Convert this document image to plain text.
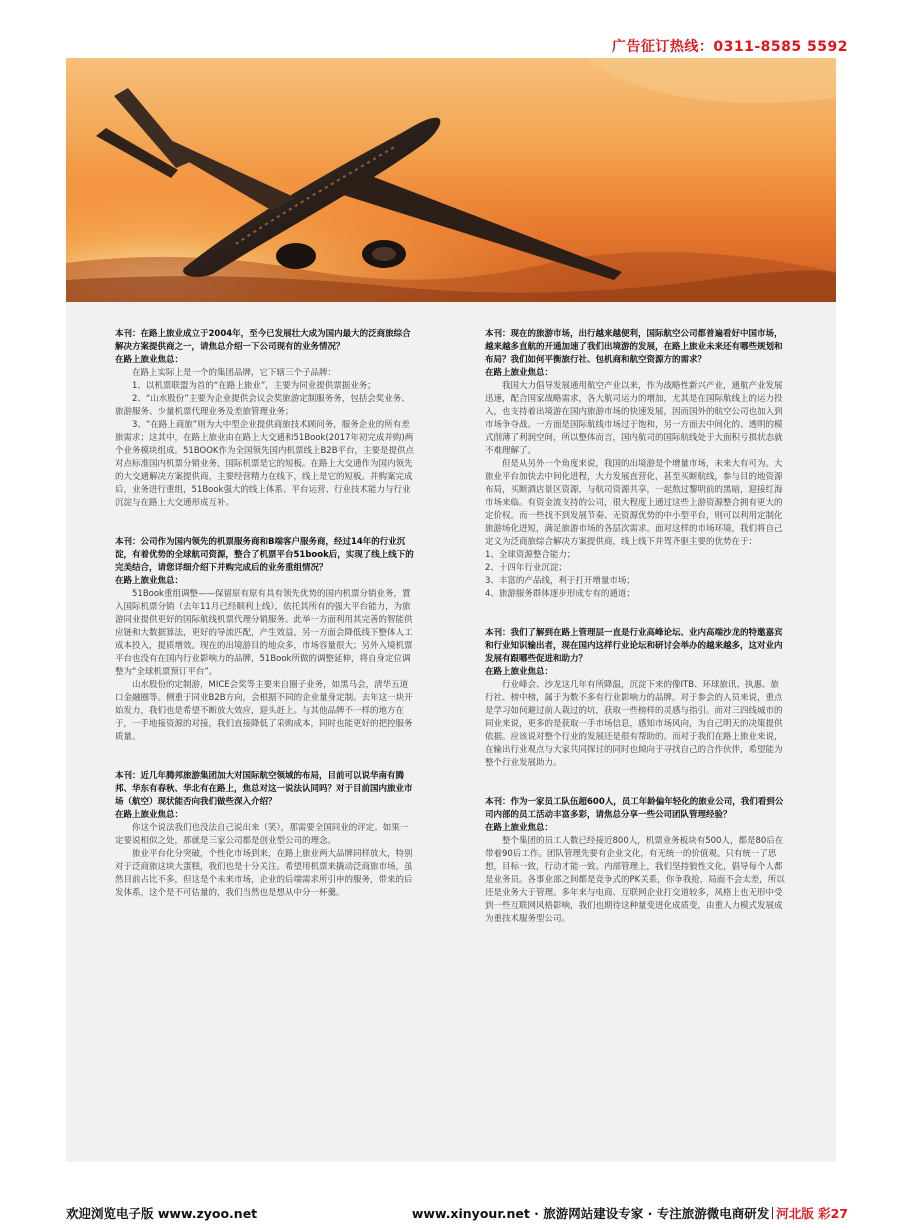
广告征订热线：0311-8585 5592

本刊：在路上旅业成立于2004年，至今已发展壮大成为国内最大的泛商旅综合解决方案提供商之一，请焦总介绍一下公司现有的业务情况？

在路上旅业焦总：

在路上实际上是一个的集团品牌，它下辖三个子品牌：

1、以机票联盟为首的“在路上旅业”，主要为同业提供票据业务；

2、“山水股份”主要为企业提供会议会奖旅游定制服务务，包括会奖业务、旅游服务、少量机票代理业务及差旅管理业务；

3、“在路上商旅”则为大中型企业提供商旅技术顾问务，服务企业的所有差旅需求；这其中，在路上旅业由在路上大交通和51Book(2017年初完成并购)两个业务模块组成。51BOOK作为全国领先国内机票线上B2B平台，主要是提供点对点标准国内机票分销业务，国际机票是它的短板。在路上大交通作为国内领先的大交通解决方案提供商，主要经营精力在线下，线上是它的短板。并购案完成后，业务进行重组，51Book强大的线上体系、平台运营、行业技术能力与行业沉淀与在路上大交通形成互补。

本刊：公司作为国内领先的机票服务商和B端客户服务商，经过14年的行业沉淀，有着优势的全球航司资源，整合了机票平台51book后，实现了线上线下的完美结合，请您详细介绍下并购完成后的业务重组情况？

在路上旅业焦总：

51Book重组调整——保留原有原有具有领先优势的国内机票分销业务，置入国际机票分销（去年11月已经顺利上线），依托其所有的强大平台能力，为旅游同业提供更好的国际航线机票代理分销服务。此举一方面利用其完善的智能供应链和大数据算法，更好的导流匹配，产生效益，另一方面会降低线下整体人工成本投入，提质增效。现在的出境游目的地众多，市场容量很大；另外入境机票平台也没有在国内行业影响力的品牌，51Book所做的调整延伸，将自身定位调整为“全球机票预订平台”。

山水股份的定制游，MICE会奖等主要来自圈子业务，如黑马会，清华五道口金融圈等。侧重于同业B2B方向，会根据不同的企业量身定制。去年这一块开始发力，我们也是希望不断放大效应，迎头赶上。与其他品牌不一样的地方在于，一手地接资源的对接，我们直接降低了采购成本，同时也能更好的把控服务质量。

本刊：近几年腾邦旅游集团加大对国际航空领域的布局，目前可以说华南有腾邦、华东有春秋、华北有在路上，焦总对这一说法认同吗？对于目前国内旅业市场（航空）现状能否向我们做些深入介绍？

在路上旅业焦总：

你这个说法我们也没法自己说出来（笑），那需要全国同业的评定。如果一定要说相似之处，那就是三家公司都是创业型公司的理念。

旅业平台化分突破，个性化市场到来，在路上旅业两大品牌同样放大，特别对于泛商旅这块大蛋糕，我们也是十分关注。希望用机票来撬动泛商旅市场，虽然目前占比不多，但这是个未来市场，企业的后端需求所引申的服务，带来的后发体系，这个是不可估量的，我们当然也是想从中分一杯羹。

本刊：现在的旅游市场，出行越来越便利，国际航空公司都普遍看好中国市场，越来越多直航的开通加速了我们出境游的发展，在路上旅业未来还有哪些规划和布局？我们如何平衡旅行社、包机商和航空资源方的需求？

在路上旅业焦总：

我国大力倡导发展通用航空产业以来，作为战略性新兴产业，通航产业发展迅速，配合国家战略需求，各大航司运力的增加，尤其是在国际航线上的运力投入，也支持着出境游在国内旅游市场的快速发展，因而国外的航空公司也加入到市场争夺战。一方面是国际航线市场过于饱和，另一方面去中间化的、透明的模式削薄了利润空间，所以整体而言，国内航司的国际航线处于大面积亏损状态就不难理解了。

但是从另外一个角度来说，我国的出境游是个增量市场，未来大有可为。大旅业平台加快去中间化进程，大力发展直营化，甚至买断航线，参与目的地资源布局，买断酒店景区资源，与航司资源共享，一起熬过黎明前的黑暗，迎接红海市场来临。有资金流支持的公司，很大程度上通过这些上游资源整合拥有更大的定价权。而一些找不到发展节奏、无资源优势的中小型平台，则可以利用定制化旅游场化进短，满足旅游市场的各层次需求。面对这样的市场环境，我们将自己定义为泛商旅综合解决方案提供商，线上线下并驾齐驱主要的优势在于：

1、全球资源整合能力；

2、十四年行业沉淀；

3、丰富的产品线，利于打开增量市场；

4、旅游服务群体逐步形成专有的通道；

本刊：我们了解到在路上管理层一直是行业高峰论坛、业内高端沙龙的特邀嘉宾和行业知识输出者，现在国内这样行业论坛和研讨会举办的越来越多，这对业内发展有跟哪些促进和助力？

在路上旅业焦总：

行业峰会、沙龙这几年有所降温，沉淀下来的像ITB、环球旅讯、执惠、旅行社、榜中榜，属于为数不多有行业影响力的品牌。对于参会的人员来说，重点是学习如何避过前人栽过的坑，获取一些榜样的灵感与指引。而对三四线城市的同业来说，更多的是获取一手市场信息，感知市场风向，为自己明天的决策提供依据。应该说对整个行业的发展还是很有帮助的。而对于我们在路上旅业来说，在输出行业观点与大家共同探讨的同时也倾向于寻找自己的合作伙伴，希望能为整个行业发展助力。

本刊：作为一家员工队伍超600人，员工年龄偏年轻化的旅业公司，我们看到公司内部的员工活动丰富多彩，请焦总分享一些公司团队管理经验？

在路上旅业焦总：

整个集团的员工人数已经接近800人，机票业务板块有500人，都是80后在带着90后工作。团队管理先要有企业文化，有无统一的价值观。只有统一了思想，目标一致，行动才能一致。内部管理上，我们坚持狼性文化，倡导每个人都是业务员。各事业部之间都是竞争式的PK关系，你争我抢，局面不会太差，所以还是业务大于管理。多年来与电商、互联网企业打交道较多，风格上也无形中受到一些互联网风格影响，我们也期待这种量变进化成质变，由重人力模式发展成为重技术服务型公司。

欢迎浏览电子版 www.zyoo.net	www.xinyour.net · 旅游网站建设专家 · 专注旅游微电商研发 河北版 彩27
